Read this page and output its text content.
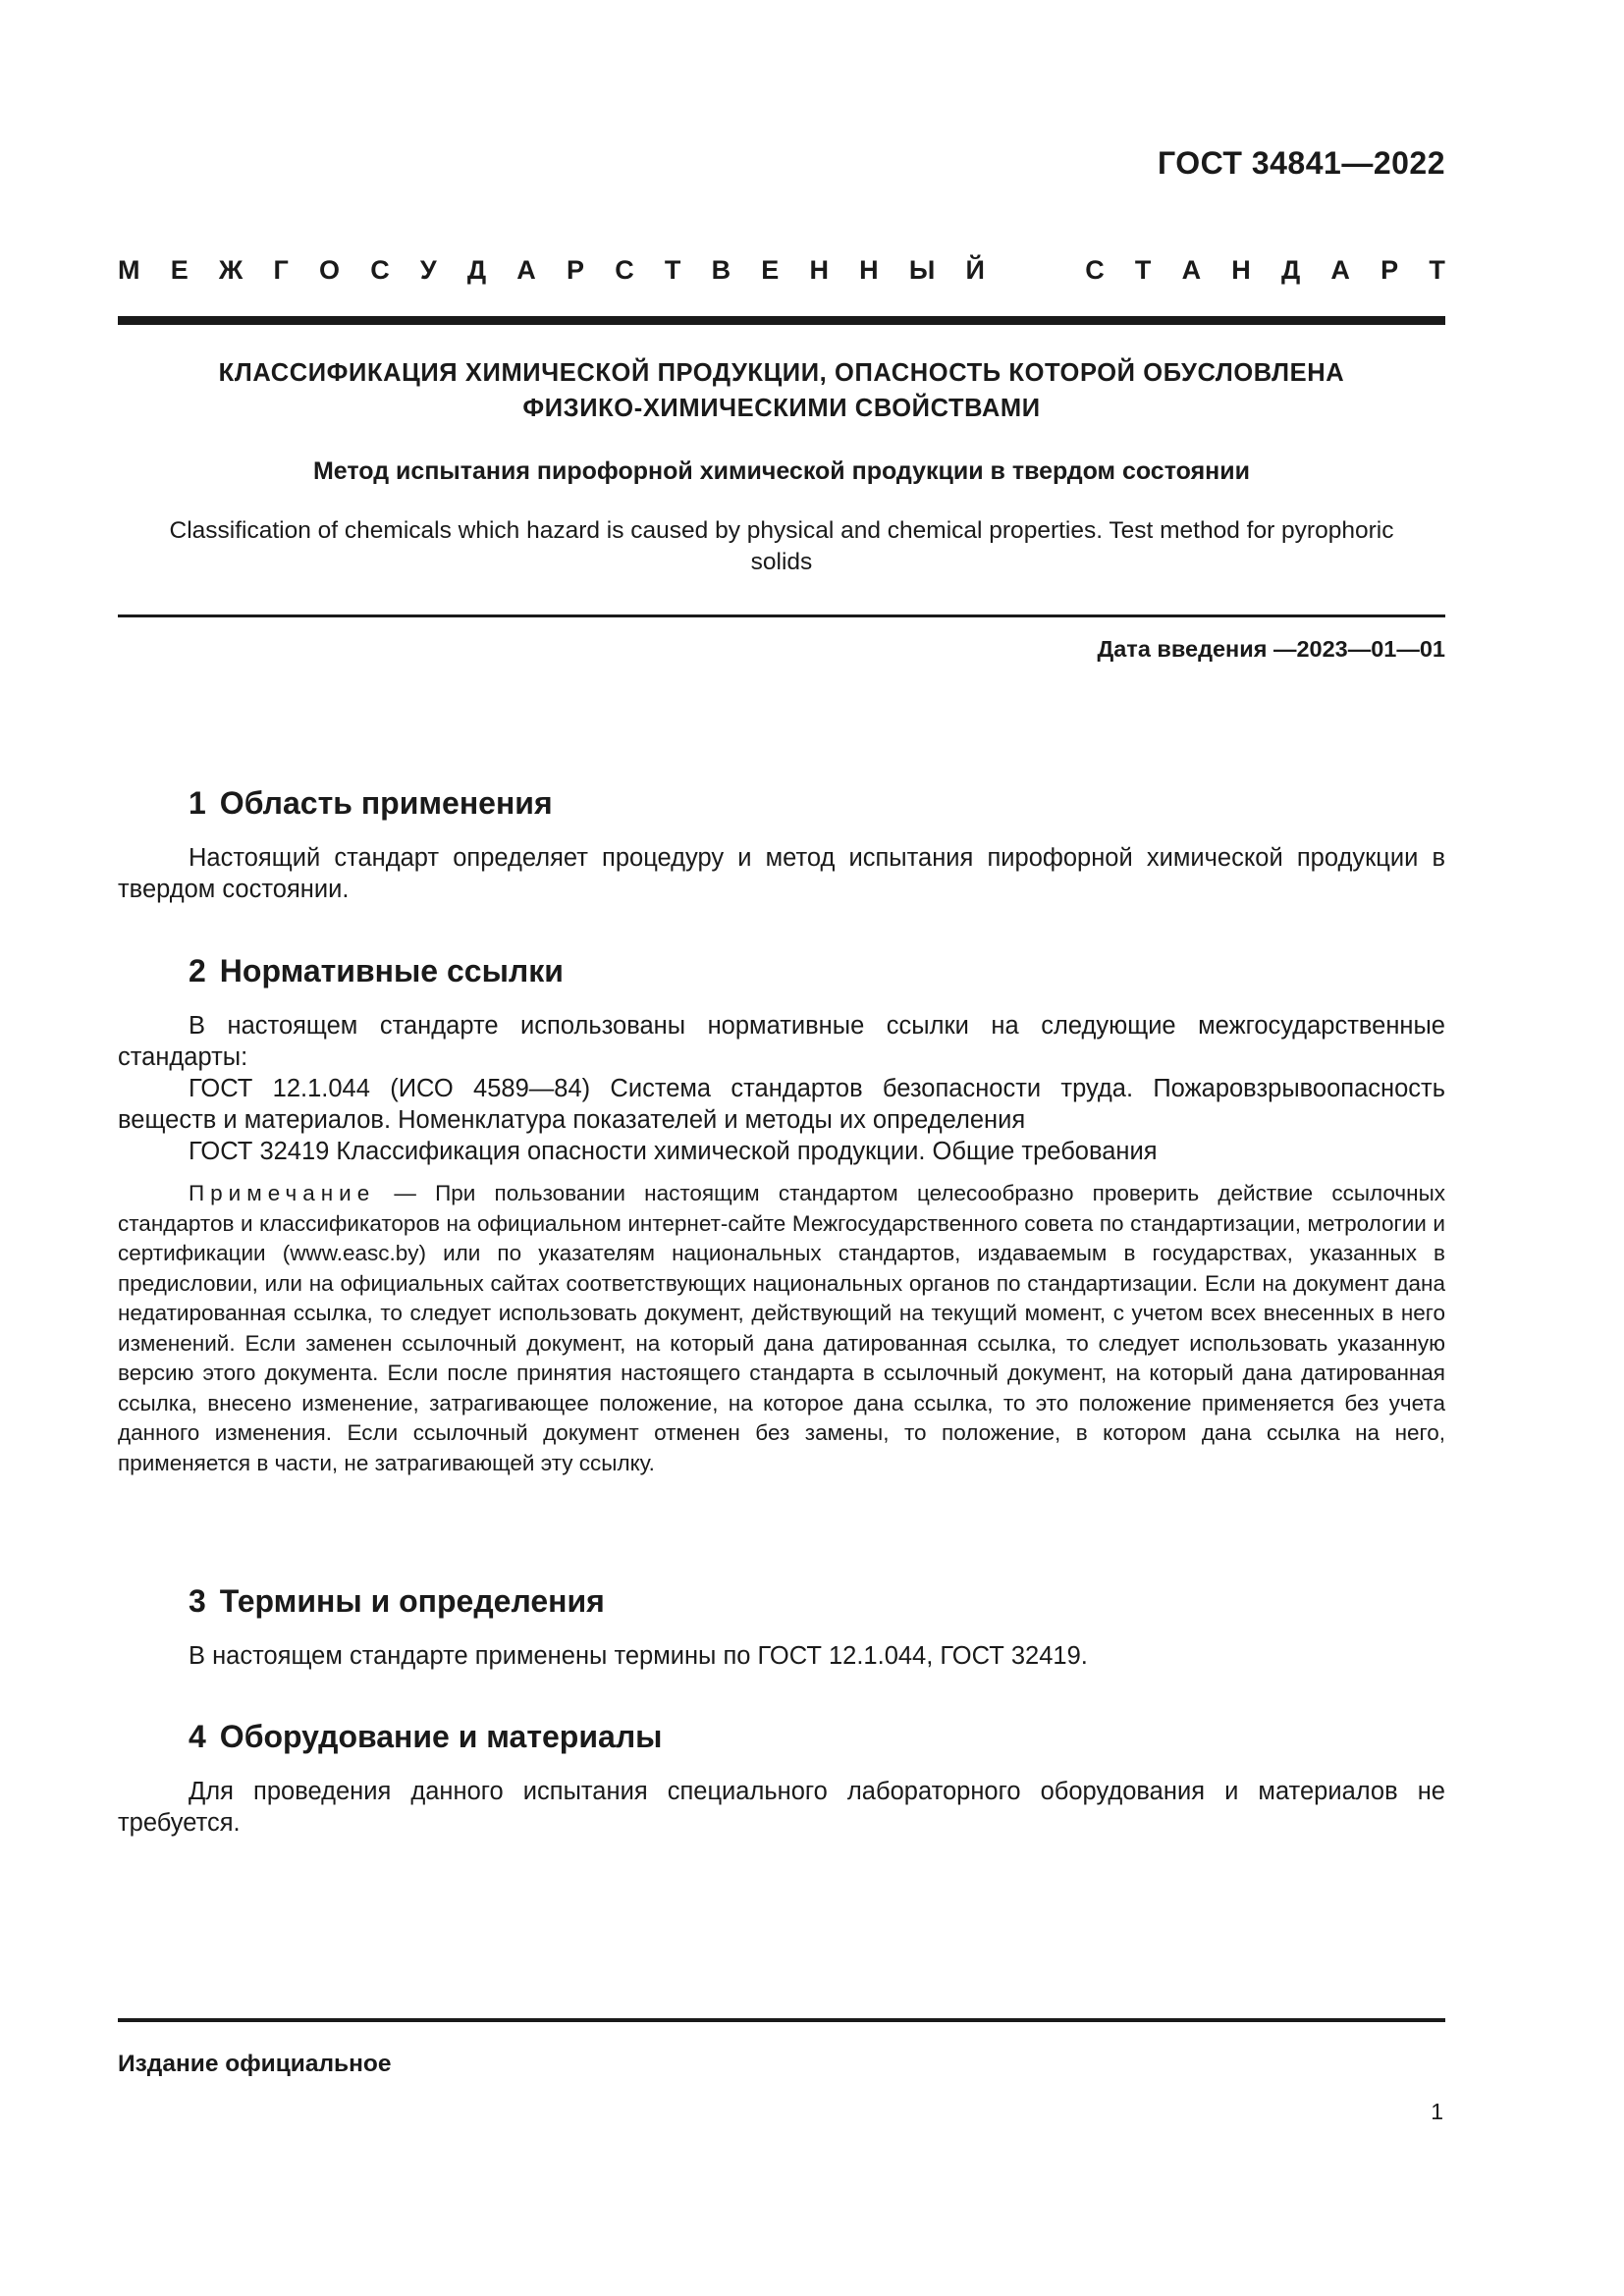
ГОСТ 34841—2022
М Е Ж Г О С У Д А Р С Т В Е Н Н Ы Й	С Т А Н Д А Р Т
КЛАССИФИКАЦИЯ ХИМИЧЕСКОЙ ПРОДУКЦИИ, ОПАСНОСТЬ КОТОРОЙ ОБУСЛОВЛЕНА
ФИЗИКО-ХИМИЧЕСКИМИ СВОЙСТВАМИ
Метод испытания пирофорной химической продукции в твердом состоянии
Classification of chemicals which hazard is caused by physical and chemical properties. Test method for pyrophoric
solids
Дата введения —2023—01—01
1 Область применения

Настоящий стандарт определяет процедуру и метод испытания пирофорной химической продукции в твердом состоянии.

2 Нормативные ссылки

В настоящем стандарте использованы нормативные ссылки на следующие межгосударственные стандарты:

ГОСТ 12.1.044 (ИСО 4589—84) Система стандартов безопасности труда. Пожаровзрывоопасность веществ и материалов. Номенклатура показателей и методы их определения

ГОСТ 32419 Классификация опасности химической продукции. Общие требования

Примечание — При пользовании настоящим стандартом целесообразно проверить действие ссылочных стандартов и классификаторов на официальном интернет-сайте Межгосударственного совета по стандартизации, метрологии и сертификации (www.easc.by) или по указателям национальных стандартов, издаваемым в государствах, указанных в предисловии, или на официальных сайтах соответствующих национальных органов по стандартизации. Если на документ дана недатированная ссылка, то следует использовать документ, действующий на текущий момент, с учетом всех внесенных в него изменений. Если заменен ссылочный документ, на который дана датированная ссылка, то следует использовать указанную версию этого документа. Если после принятия настоящего стандарта в ссылочный документ, на который дана датированная ссылка, внесено изменение, затрагивающее положение, на которое дана ссылка, то это положение применяется без учета данного изменения. Если ссылочный документ отменен без замены, то положение, в котором дана ссылка на него, применяется в части, не затрагивающей эту ссылку.

3 Термины и определения

В настоящем стандарте применены термины по ГОСТ 12.1.044, ГОСТ 32419.

4 Оборудование и материалы

Для проведения данного испытания специального лабораторного оборудования и материалов не требуется.

Издание официальное
1
